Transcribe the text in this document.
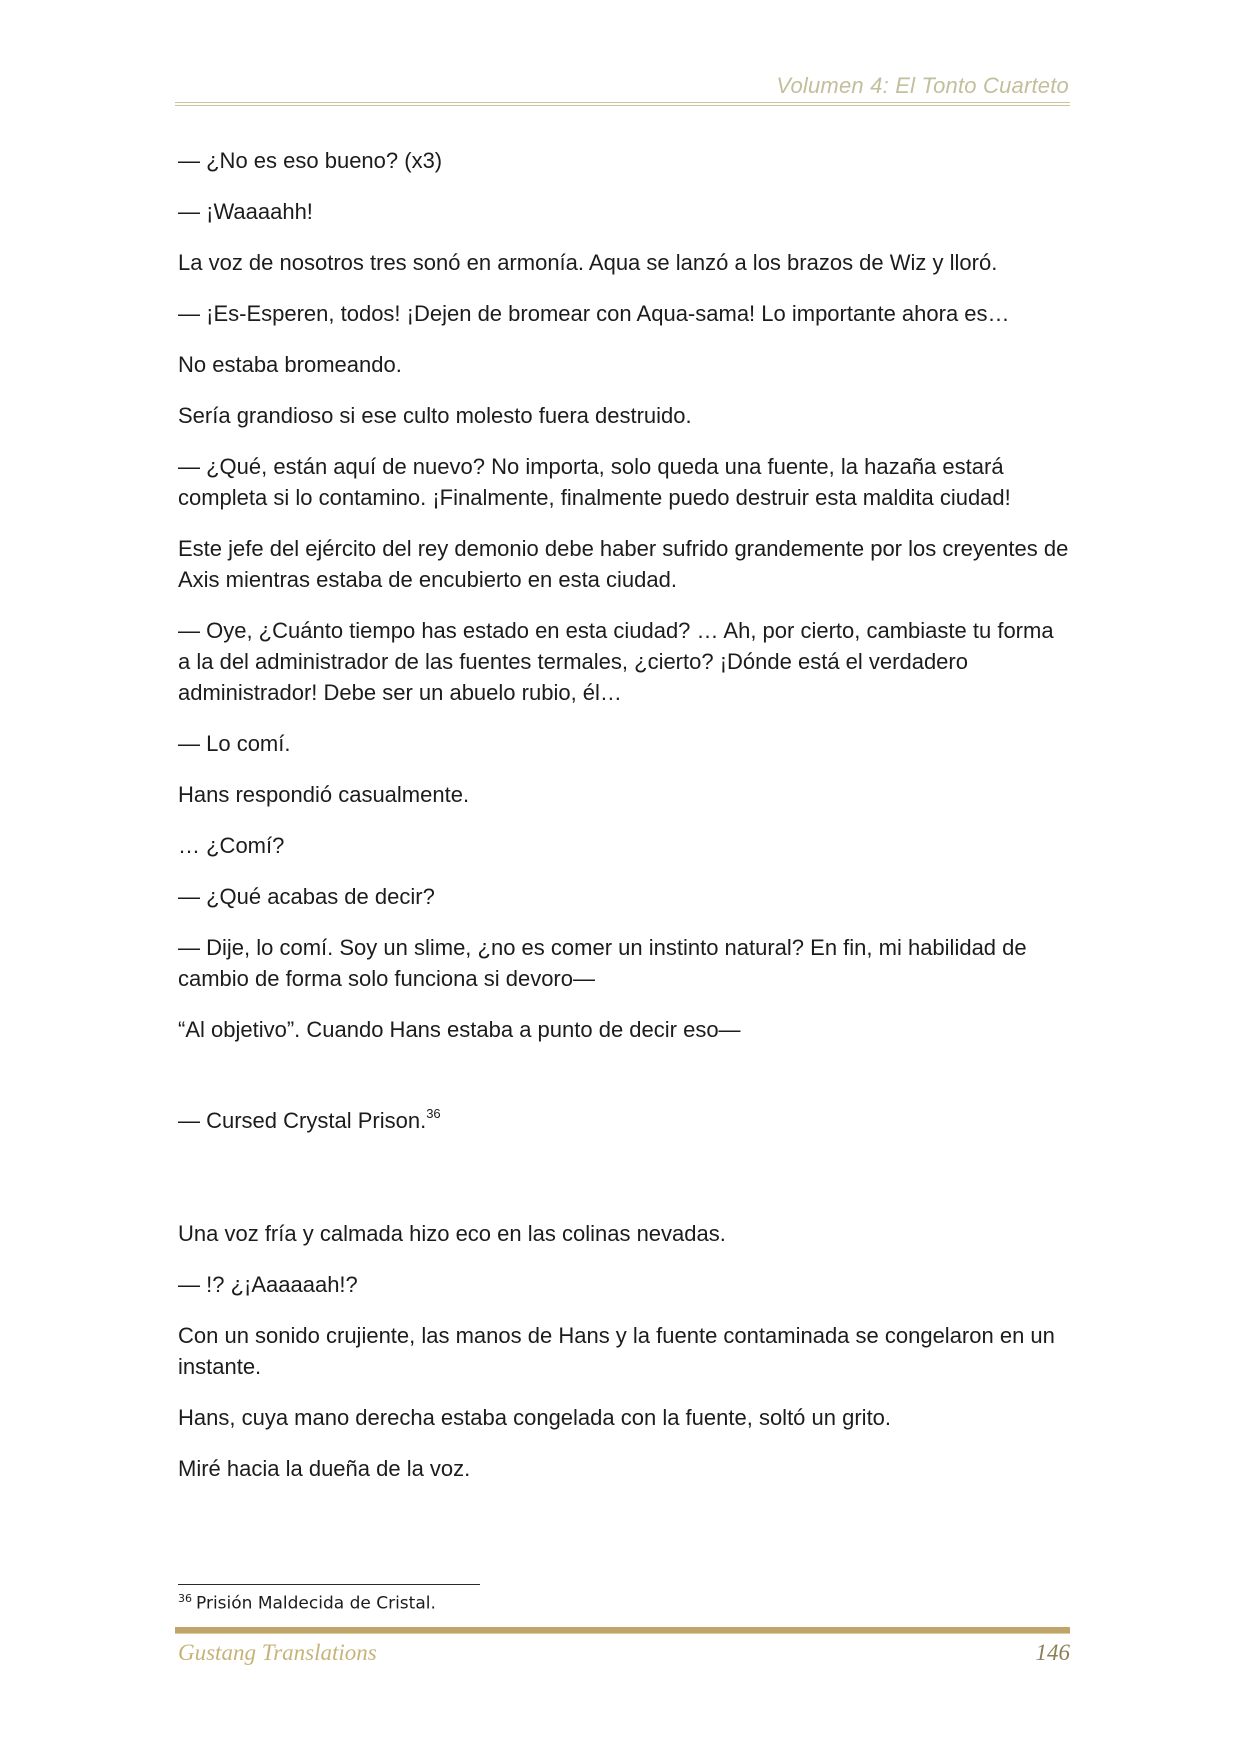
Volumen 4: El Tonto Cuarteto

— ¿No es eso bueno? (x3)

— ¡Waaaahh!

La voz de nosotros tres sonó en armonía. Aqua se lanzó a los brazos de Wiz y lloró.

— ¡Es-Esperen, todos! ¡Dejen de bromear con Aqua-sama! Lo importante ahora es…

No estaba bromeando.

Sería grandioso si ese culto molesto fuera destruido.

— ¿Qué, están aquí de nuevo? No importa, solo queda una fuente, la hazaña estará completa si lo contamino. ¡Finalmente, finalmente puedo destruir esta maldita ciudad!

Este jefe del ejército del rey demonio debe haber sufrido grandemente por los creyentes de Axis mientras estaba de encubierto en esta ciudad.

— Oye, ¿Cuánto tiempo has estado en esta ciudad? … Ah, por cierto, cambiaste tu forma a la del administrador de las fuentes termales, ¿cierto? ¡Dónde está el verdadero administrador! Debe ser un abuelo rubio, él…

— Lo comí.

Hans respondió casualmente.

… ¿Comí?

— ¿Qué acabas de decir?

— Dije, lo comí. Soy un slime, ¿no es comer un instinto natural? En fin, mi habilidad de cambio de forma solo funciona si devoro—

“Al objetivo”. Cuando Hans estaba a punto de decir eso—

— Cursed Crystal Prison.$^{36}$

Una voz fría y calmada hizo eco en las colinas nevadas.

— !? ¿¡Aaaaaah!?

Con un sonido crujiente, las manos de Hans y la fuente contaminada se congelaron en un instante.

Hans, cuya mano derecha estaba congelada con la fuente, soltó un grito.

Miré hacia la dueña de la voz.

$^{36}$ Prisión Maldecida de Cristal.
Gustang Translations	146
